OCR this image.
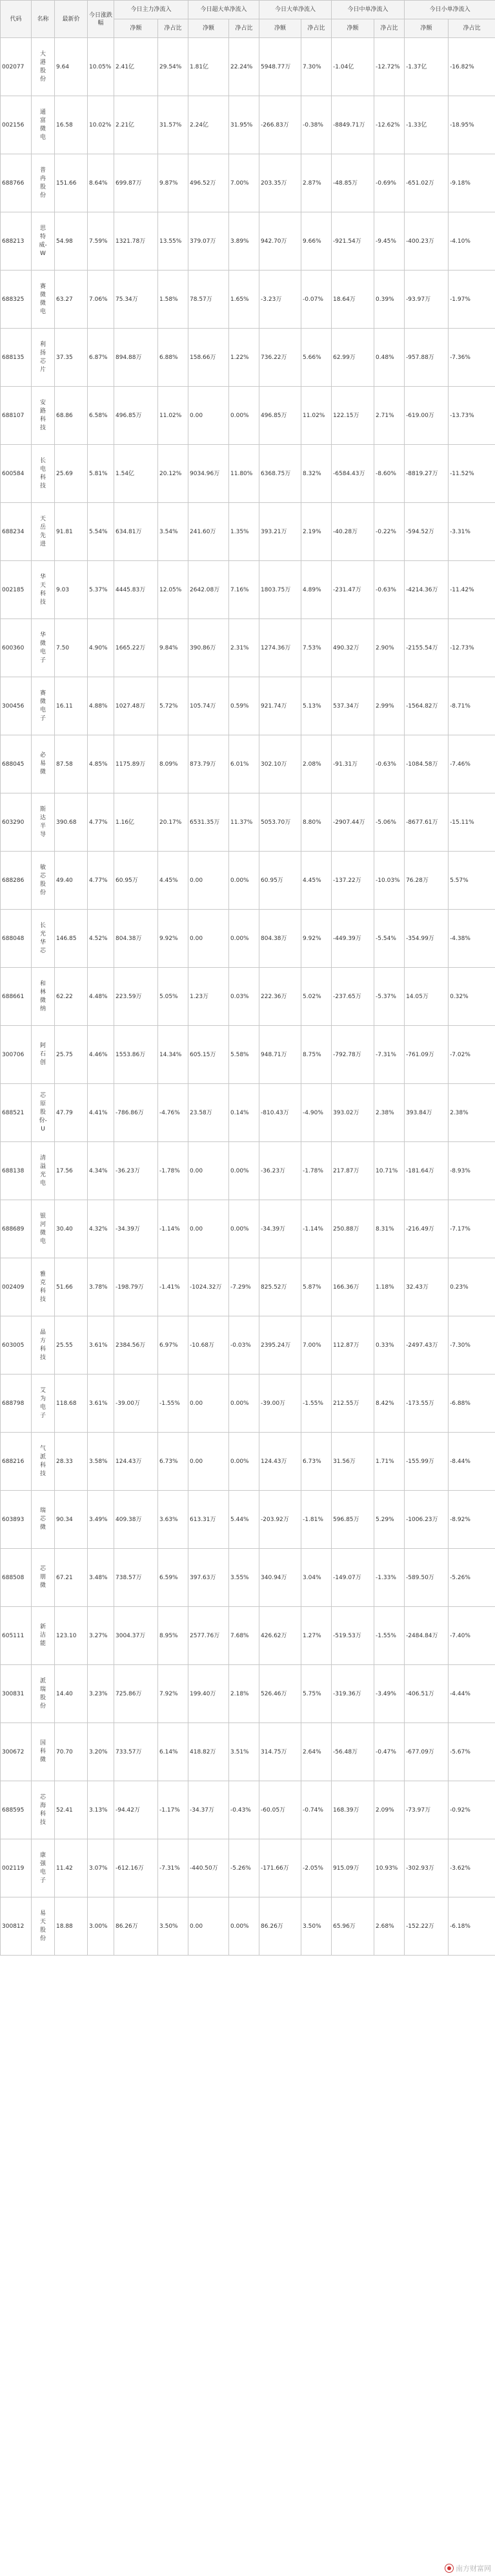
代码	名称	最新价	今日涨跌幅	今日主力净流入		今日超大单净流入		今日大单净流入		今日中单净流入		今日小单净流入	
				净额	净占比	净额	净占比	净额	净占比	净额	净占比	净额	净占比
002077	大港股份	9.64	10.05%	2.41亿	29.54%	1.81亿	22.24%	5948.77万	7.30%	-1.04亿	-12.72%	-1.37亿	-16.82%
002156	通富微电	16.58	10.02%	2.21亿	31.57%	2.24亿	31.95%	-266.83万	-0.38%	-8849.71万	-12.62%	-1.33亿	-18.95%
688766	普冉股份	151.66	8.64%	699.87万	9.87%	496.52万	7.00%	203.35万	2.87%	-48.85万	-0.69%	-651.02万	-9.18%
688213	思特威-W	54.98	7.59%	1321.78万	13.55%	379.07万	3.89%	942.70万	9.66%	-921.54万	-9.45%	-400.23万	-4.10%
688325	赛微微电	63.27	7.06%	75.34万	1.58%	78.57万	1.65%	-3.23万	-0.07%	18.64万	0.39%	-93.97万	-1.97%
688135	利扬芯片	37.35	6.87%	894.88万	6.88%	158.66万	1.22%	736.22万	5.66%	62.99万	0.48%	-957.88万	-7.36%
688107	安路科技	68.86	6.58%	496.85万	11.02%	0.00	0.00%	496.85万	11.02%	122.15万	2.71%	-619.00万	-13.73%
600584	长电科技	25.69	5.81%	1.54亿	20.12%	9034.96万	11.80%	6368.75万	8.32%	-6584.43万	-8.60%	-8819.27万	-11.52%
688234	天岳先进	91.81	5.54%	634.81万	3.54%	241.60万	1.35%	393.21万	2.19%	-40.28万	-0.22%	-594.52万	-3.31%
002185	华天科技	9.03	5.37%	4445.83万	12.05%	2642.08万	7.16%	1803.75万	4.89%	-231.47万	-0.63%	-4214.36万	-11.42%
600360	华微电子	7.50	4.90%	1665.22万	9.84%	390.86万	2.31%	1274.36万	7.53%	490.32万	2.90%	-2155.54万	-12.73%
300456	赛微电子	16.11	4.88%	1027.48万	5.72%	105.74万	0.59%	921.74万	5.13%	537.34万	2.99%	-1564.82万	-8.71%
688045	必易微	87.58	4.85%	1175.89万	8.09%	873.79万	6.01%	302.10万	2.08%	-91.31万	-0.63%	-1084.58万	-7.46%
603290	斯达半导	390.68	4.77%	1.16亿	20.17%	6531.35万	11.37%	5053.70万	8.80%	-2907.44万	-5.06%	-8677.61万	-15.11%
688286	敏芯股份	49.40	4.77%	60.95万	4.45%	0.00	0.00%	60.95万	4.45%	-137.22万	-10.03%	76.28万	5.57%
688048	长光华芯	146.85	4.52%	804.38万	9.92%	0.00	0.00%	804.38万	9.92%	-449.39万	-5.54%	-354.99万	-4.38%
688661	和林微纳	62.22	4.48%	223.59万	5.05%	1.23万	0.03%	222.36万	5.02%	-237.65万	-5.37%	14.05万	0.32%
300706	阿石创	25.75	4.46%	1553.86万	14.34%	605.15万	5.58%	948.71万	8.75%	-792.78万	-7.31%	-761.09万	-7.02%
688521	芯原股份-U	47.79	4.41%	-786.86万	-4.76%	23.58万	0.14%	-810.43万	-4.90%	393.02万	2.38%	393.84万	2.38%
688138	清溢光电	17.56	4.34%	-36.23万	-1.78%	0.00	0.00%	-36.23万	-1.78%	217.87万	10.71%	-181.64万	-8.93%
688689	银河微电	30.40	4.32%	-34.39万	-1.14%	0.00	0.00%	-34.39万	-1.14%	250.88万	8.31%	-216.49万	-7.17%
002409	雅克科技	51.66	3.78%	-198.79万	-1.41%	-1024.32万	-7.29%	825.52万	5.87%	166.36万	1.18%	32.43万	0.23%
603005	晶方科技	25.55	3.61%	2384.56万	6.97%	-10.68万	-0.03%	2395.24万	7.00%	112.87万	0.33%	-2497.43万	-7.30%
688798	艾为电子	118.68	3.61%	-39.00万	-1.55%	0.00	0.00%	-39.00万	-1.55%	212.55万	8.42%	-173.55万	-6.88%
688216	气派科技	28.33	3.58%	124.43万	6.73%	0.00	0.00%	124.43万	6.73%	31.56万	1.71%	-155.99万	-8.44%
603893	瑞芯微	90.34	3.49%	409.38万	3.63%	613.31万	5.44%	-203.92万	-1.81%	596.85万	5.29%	-1006.23万	-8.92%
688508	芯朋微	67.21	3.48%	738.57万	6.59%	397.63万	3.55%	340.94万	3.04%	-149.07万	-1.33%	-589.50万	-5.26%
605111	新洁能	123.10	3.27%	3004.37万	8.95%	2577.76万	7.68%	426.62万	1.27%	-519.53万	-1.55%	-2484.84万	-7.40%
300831	派瑞股份	14.40	3.23%	725.86万	7.92%	199.40万	2.18%	526.46万	5.75%	-319.36万	-3.49%	-406.51万	-4.44%
300672	国科微	70.70	3.20%	733.57万	6.14%	418.82万	3.51%	314.75万	2.64%	-56.48万	-0.47%	-677.09万	-5.67%
688595	芯海科技	52.41	3.13%	-94.42万	-1.17%	-34.37万	-0.43%	-60.05万	-0.74%	168.39万	2.09%	-73.97万	-0.92%
002119	康强电子	11.42	3.07%	-612.16万	-7.31%	-440.50万	-5.26%	-171.66万	-2.05%	915.09万	10.93%	-302.93万	-3.62%
300812	易天股份	18.88	3.00%	86.26万	3.50%	0.00	0.00%	86.26万	3.50%	65.96万	2.68%	-152.22万	-6.18%
南方财富网
